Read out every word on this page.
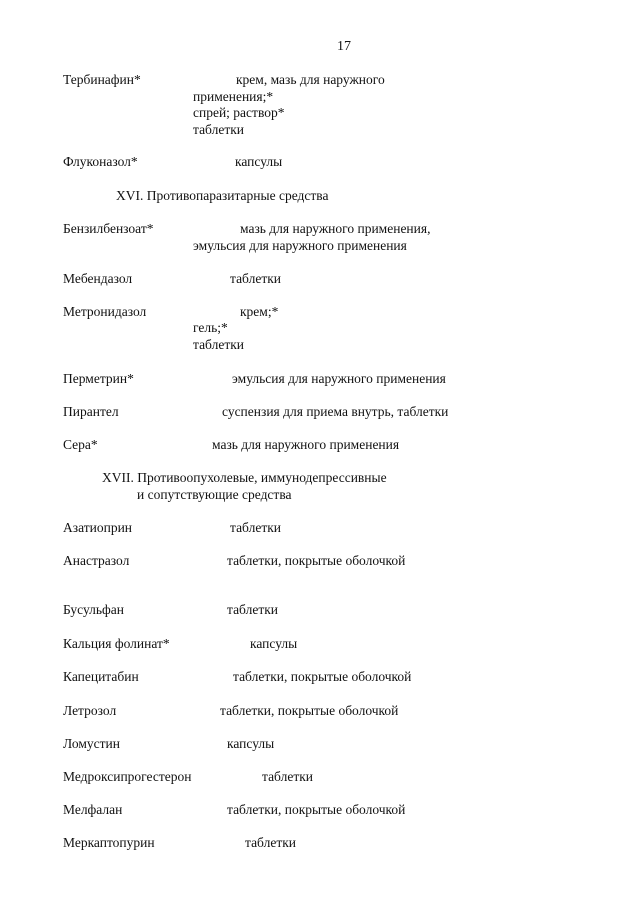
17
Тербинафин*	крем, мазь для наружного
применения;*
спрей; раствор*
таблетки
Флуконазол*	капсулы
XVI. Противопаразитарные средства
Бензилбензоат*	мазь для наружного применения,
эмульсия для наружного применения
Мебендазол	таблетки
Метронидазол	крем;*
гель;*
таблетки
Перметрин*	эмульсия для наружного применения
Пирантел	суспензия для приема внутрь, таблетки
Сера*	мазь для наружного применения
XVII. Противоопухолевые, иммунодепрессивные
и сопутствующие средства
Азатиоприн	таблетки
Анастразол	таблетки, покрытые оболочкой
Бусульфан	таблетки
Кальция фолинат*	капсулы
Капецитабин	таблетки, покрытые оболочкой
Летрозол	таблетки, покрытые оболочкой
Ломустин	капсулы
Медроксипрогестерон	таблетки
Мелфалан	таблетки, покрытые оболочкой
Меркаптопурин	таблетки
